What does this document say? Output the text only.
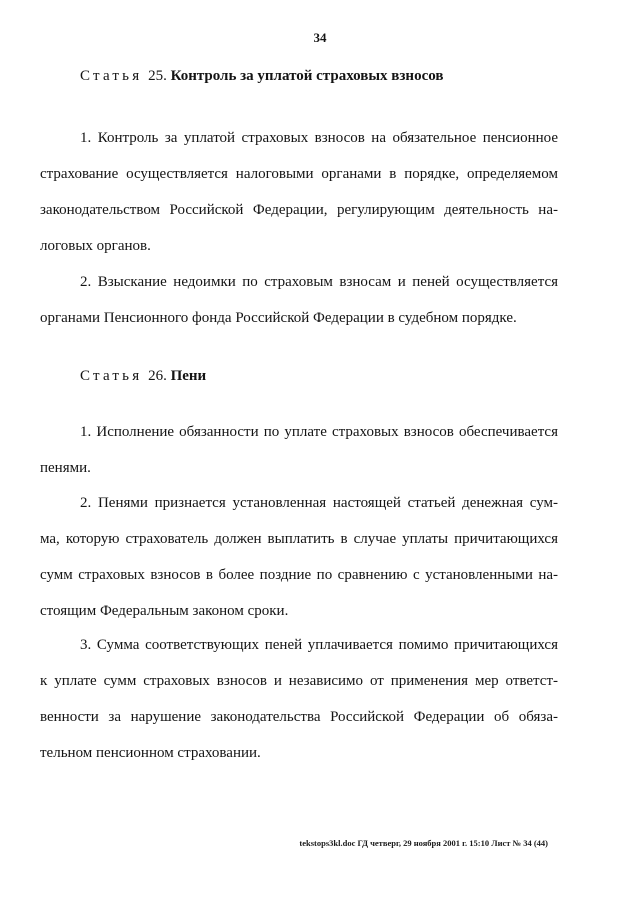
34
Статья 25. Контроль за уплатой страховых взносов
1. Контроль за уплатой страховых взносов на обязательное пенсионное
страхование осуществляется налоговыми органами в порядке, определяемом
законодательством Российской Федерации, регулирующим деятельность на-
логовых органов.
2. Взыскание недоимки по страховым взносам и пеней осуществляется
органами Пенсионного фонда Российской Федерации в судебном порядке.
Статья 26. Пени
1. Исполнение обязанности по уплате страховых взносов обеспечивается
пенями.
2. Пенями признается установленная настоящей статьей денежная сум-
ма, которую страхователь должен выплатить в случае уплаты причитающихся
сумм страховых взносов в более поздние по сравнению с установленными на-
стоящим Федеральным законом сроки.
3. Сумма соответствующих пеней уплачивается помимо причитающихся
к уплате сумм страховых взносов и независимо от применения мер ответст-
венности за нарушение законодательства Российской Федерации об обяза-
тельном пенсионном страховании.
tekstops3kl.doc ГД четверг, 29 ноября 2001 г. 15:10 Лист № 34 (44)
